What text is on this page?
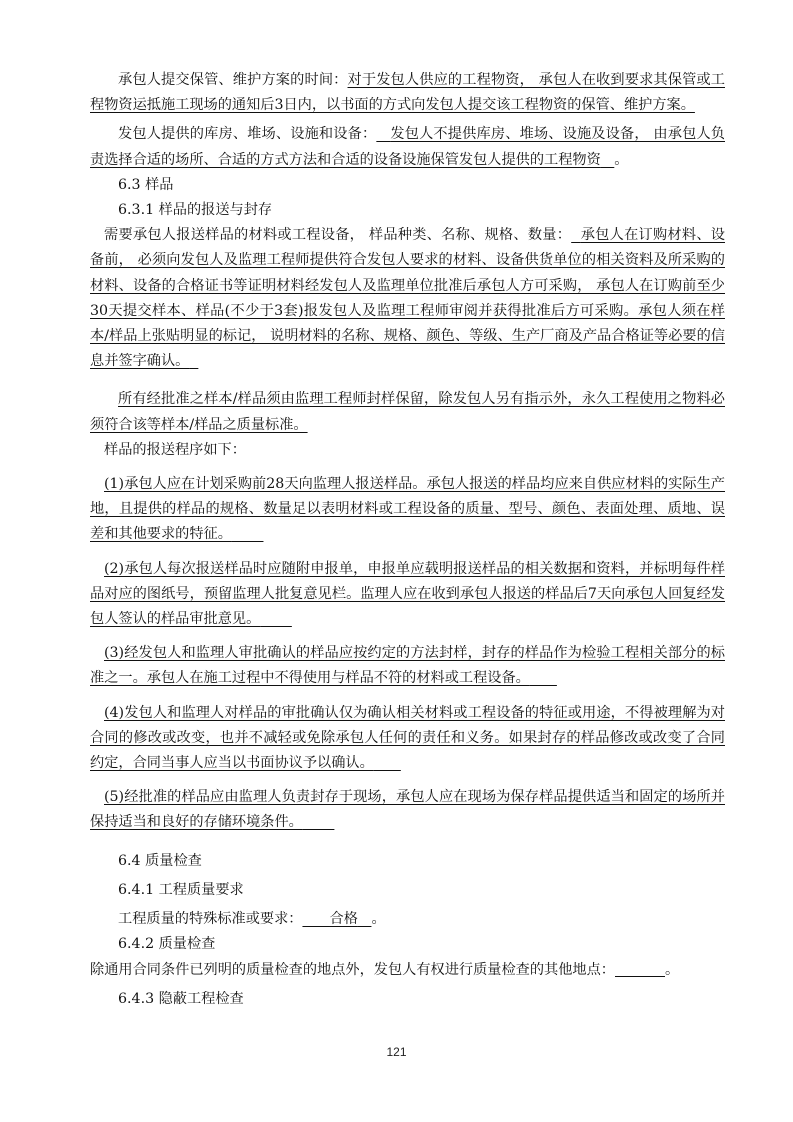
承包人提交保管、维护方案的时间：对于发包人供应的工程物资， 承包人在收到要求其保管或工程物资运抵施工现场的通知后3日内，以书面的方式向发包人提交该工程物资的保管、维护方案。

发包人提供的库房、堆场、设施和设备： 发包人不提供库房、堆场、设施及设备， 由承包人负责选择合适的场所、合适的方式方法和合适的设备设施保管发包人提供的工程物资 。

6.3 样品

6.3.1 样品的报送与封存

需要承包人报送样品的材料或工程设备， 样品种类、名称、规格、数量： 承包人在订购材料、设备前， 必须向发包人及监理工程师提供符合发包人要求的材料、设备供货单位的相关资料及所采购的材料、设备的合格证书等证明材料经发包人及监理单位批准后承包人方可采购， 承包人在订购前至少30天提交样本、样品(不少于3套)报发包人及监理工程师审阅并获得批准后方可采购。承包人须在样本/样品上张贴明显的标记， 说明材料的名称、规格、颜色、等级、生产厂商及产品合格证等必要的信息并签字确认。

所有经批准之样本/样品须由监理工程师封样保留，除发包人另有指示外，永久工程使用之物料必须符合该等样本/样品之质量标准。

样品的报送程序如下：

(1)承包人应在计划采购前28天向监理人报送样品。承包人报送的样品均应来自供应材料的实际生产地，且提供的样品的规格、数量足以表明材料或工程设备的质量、型号、颜色、表面处理、质地、误差和其他要求的特征。

(2)承包人每次报送样品时应随附申报单，申报单应载明报送样品的相关数据和资料，并标明每件样品对应的图纸号，预留监理人批复意见栏。监理人应在收到承包人报送的样品后7天向承包人回复经发包人签认的样品审批意见。

(3)经发包人和监理人审批确认的样品应按约定的方法封样，封存的样品作为检验工程相关部分的标准之一。承包人在施工过程中不得使用与样品不符的材料或工程设备。

(4)发包人和监理人对样品的审批确认仅为确认相关材料或工程设备的特征或用途，不得被理解为对合同的修改或改变，也并不减轻或免除承包人任何的责任和义务。如果封存的样品修改或改变了合同约定，合同当事人应当以书面协议予以确认。

(5)经批准的样品应由监理人负责封存于现场，承包人应在现场为保存样品提供适当和固定的场所并保持适当和良好的存储环境条件。

6.4 质量检查

6.4.1 工程质量要求

工程质量的特殊标准或要求： 合格 。

6.4.2 质量检查

除通用合同条件已列明的质量检查的地点外，发包人有权进行质量检查的其他地点：	。

6.4.3 隐蔽工程检查

121
